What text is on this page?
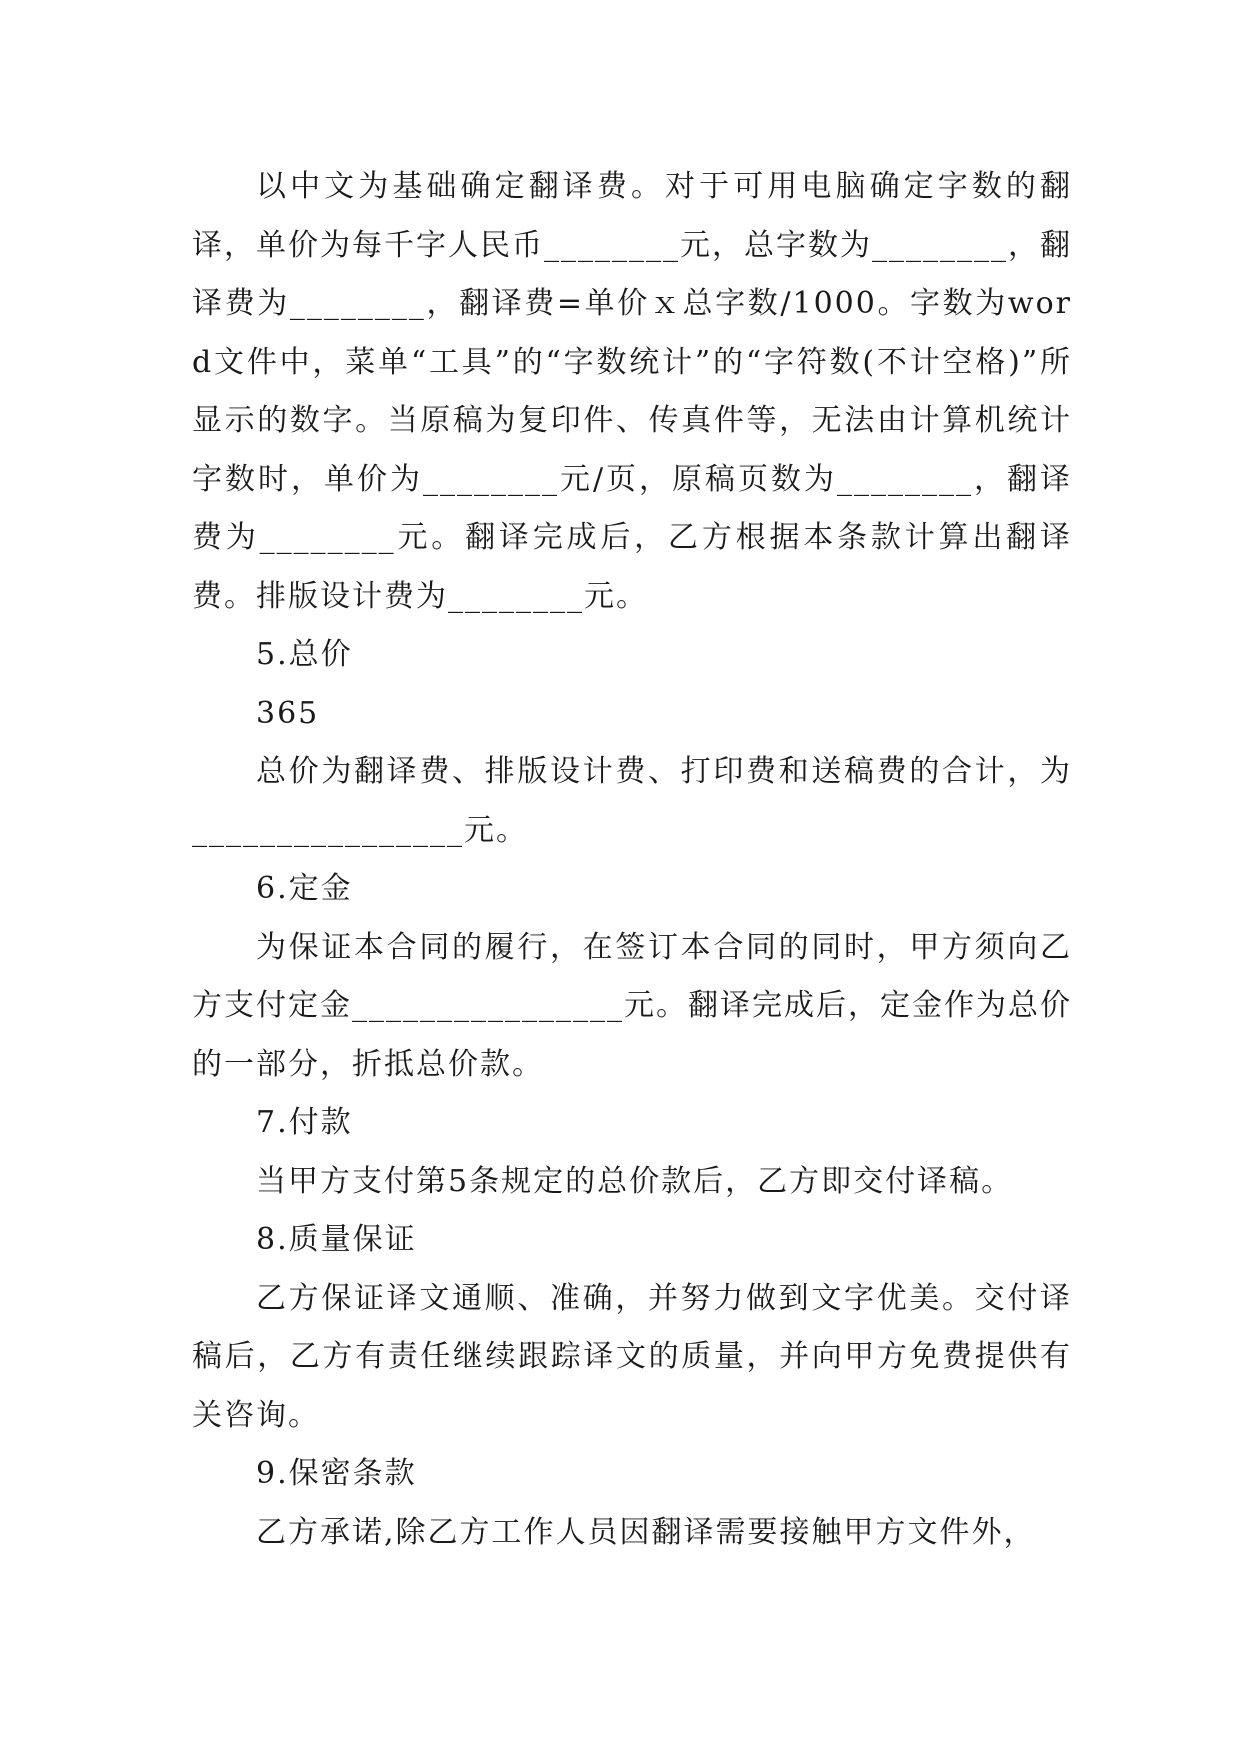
以中文为基础确定翻译费。对于可用电脑确定字数的翻译，单价为每千字人民币________元，总字数为________，翻译费为________，翻译费=单价ｘ总字数/1000。字数为word文件中，菜单“工具”的“字数统计”的“字符数(不计空格)”所显示的数字。当原稿为复印件、传真件等，无法由计算机统计字数时，单价为________元/页，原稿页数为________，翻译费为________元。翻译完成后，乙方根据本条款计算出翻译费。排版设计费为________元。

5.总价

365

总价为翻译费、排版设计费、打印费和送稿费的合计，为________________元。

6.定金

为保证本合同的履行，在签订本合同的同时，甲方须向乙方支付定金________________元。翻译完成后，定金作为总价的一部分，折抵总价款。

7.付款

当甲方支付第5条规定的总价款后，乙方即交付译稿。

8.质量保证

乙方保证译文通顺、准确，并努力做到文字优美。交付译稿后，乙方有责任继续跟踪译文的质量，并向甲方免费提供有关咨询。

9.保密条款

乙方承诺,除乙方工作人员因翻译需要接触甲方文件外，
